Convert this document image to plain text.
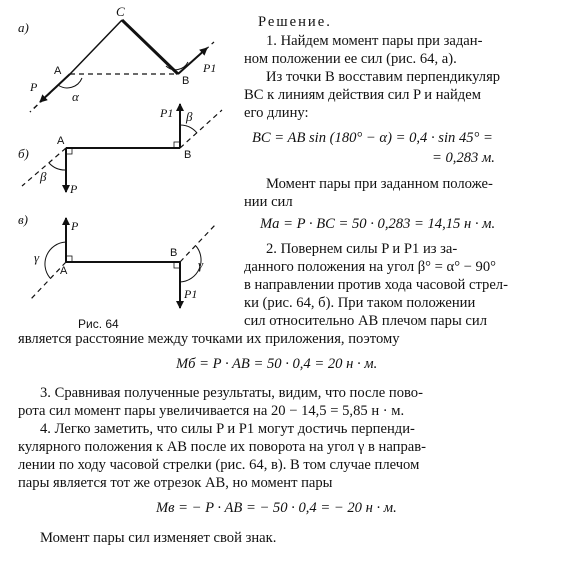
а)
C
A
B
α
P
P1
б)
A
B
β
β
P
P1
в)
A
B
γ	γ
P
P1
Рис. 64
Решение.
1. Найдем момент пары при задан-
ном положении ее сил (рис. 64, а).
Из точки B восставим перпендикуляр
BC к линиям действия сил P и найдем
его длину:
BC = AB sin (180° − α) = 0,4 · sin 45° =
= 0,283 м.
Момент пары при заданном положе-
нии сил
Ma = P · BC = 50 · 0,283 = 14,15 н · м.
2. Повернем силы P и P1 из за-
данного положения на угол β° = α° − 90°
в направлении против хода часовой стрел-
ки (рис. 64, б). При таком положении
сил относительно AB плечом пары сил
является расстояние между точками их приложения, поэтому
Mб = P · AB = 50 · 0,4 = 20 н · м.
3. Сравнивая полученные результаты, видим, что после пово-
рота сил момент пары увеличивается на 20 − 14,5 = 5,85 н · м.
4. Легко заметить, что силы P и P1 могут достичь перпенди-
кулярного положения к AB после их поворота на угол γ в направ-
лении по ходу часовой стрелки (рис. 64, в). В том случае плечом
пары является тот же отрезок AB, но момент пары
Mв = − P · AB = − 50 · 0,4 = − 20 н · м.
Момент пары сил изменяет свой знак.
